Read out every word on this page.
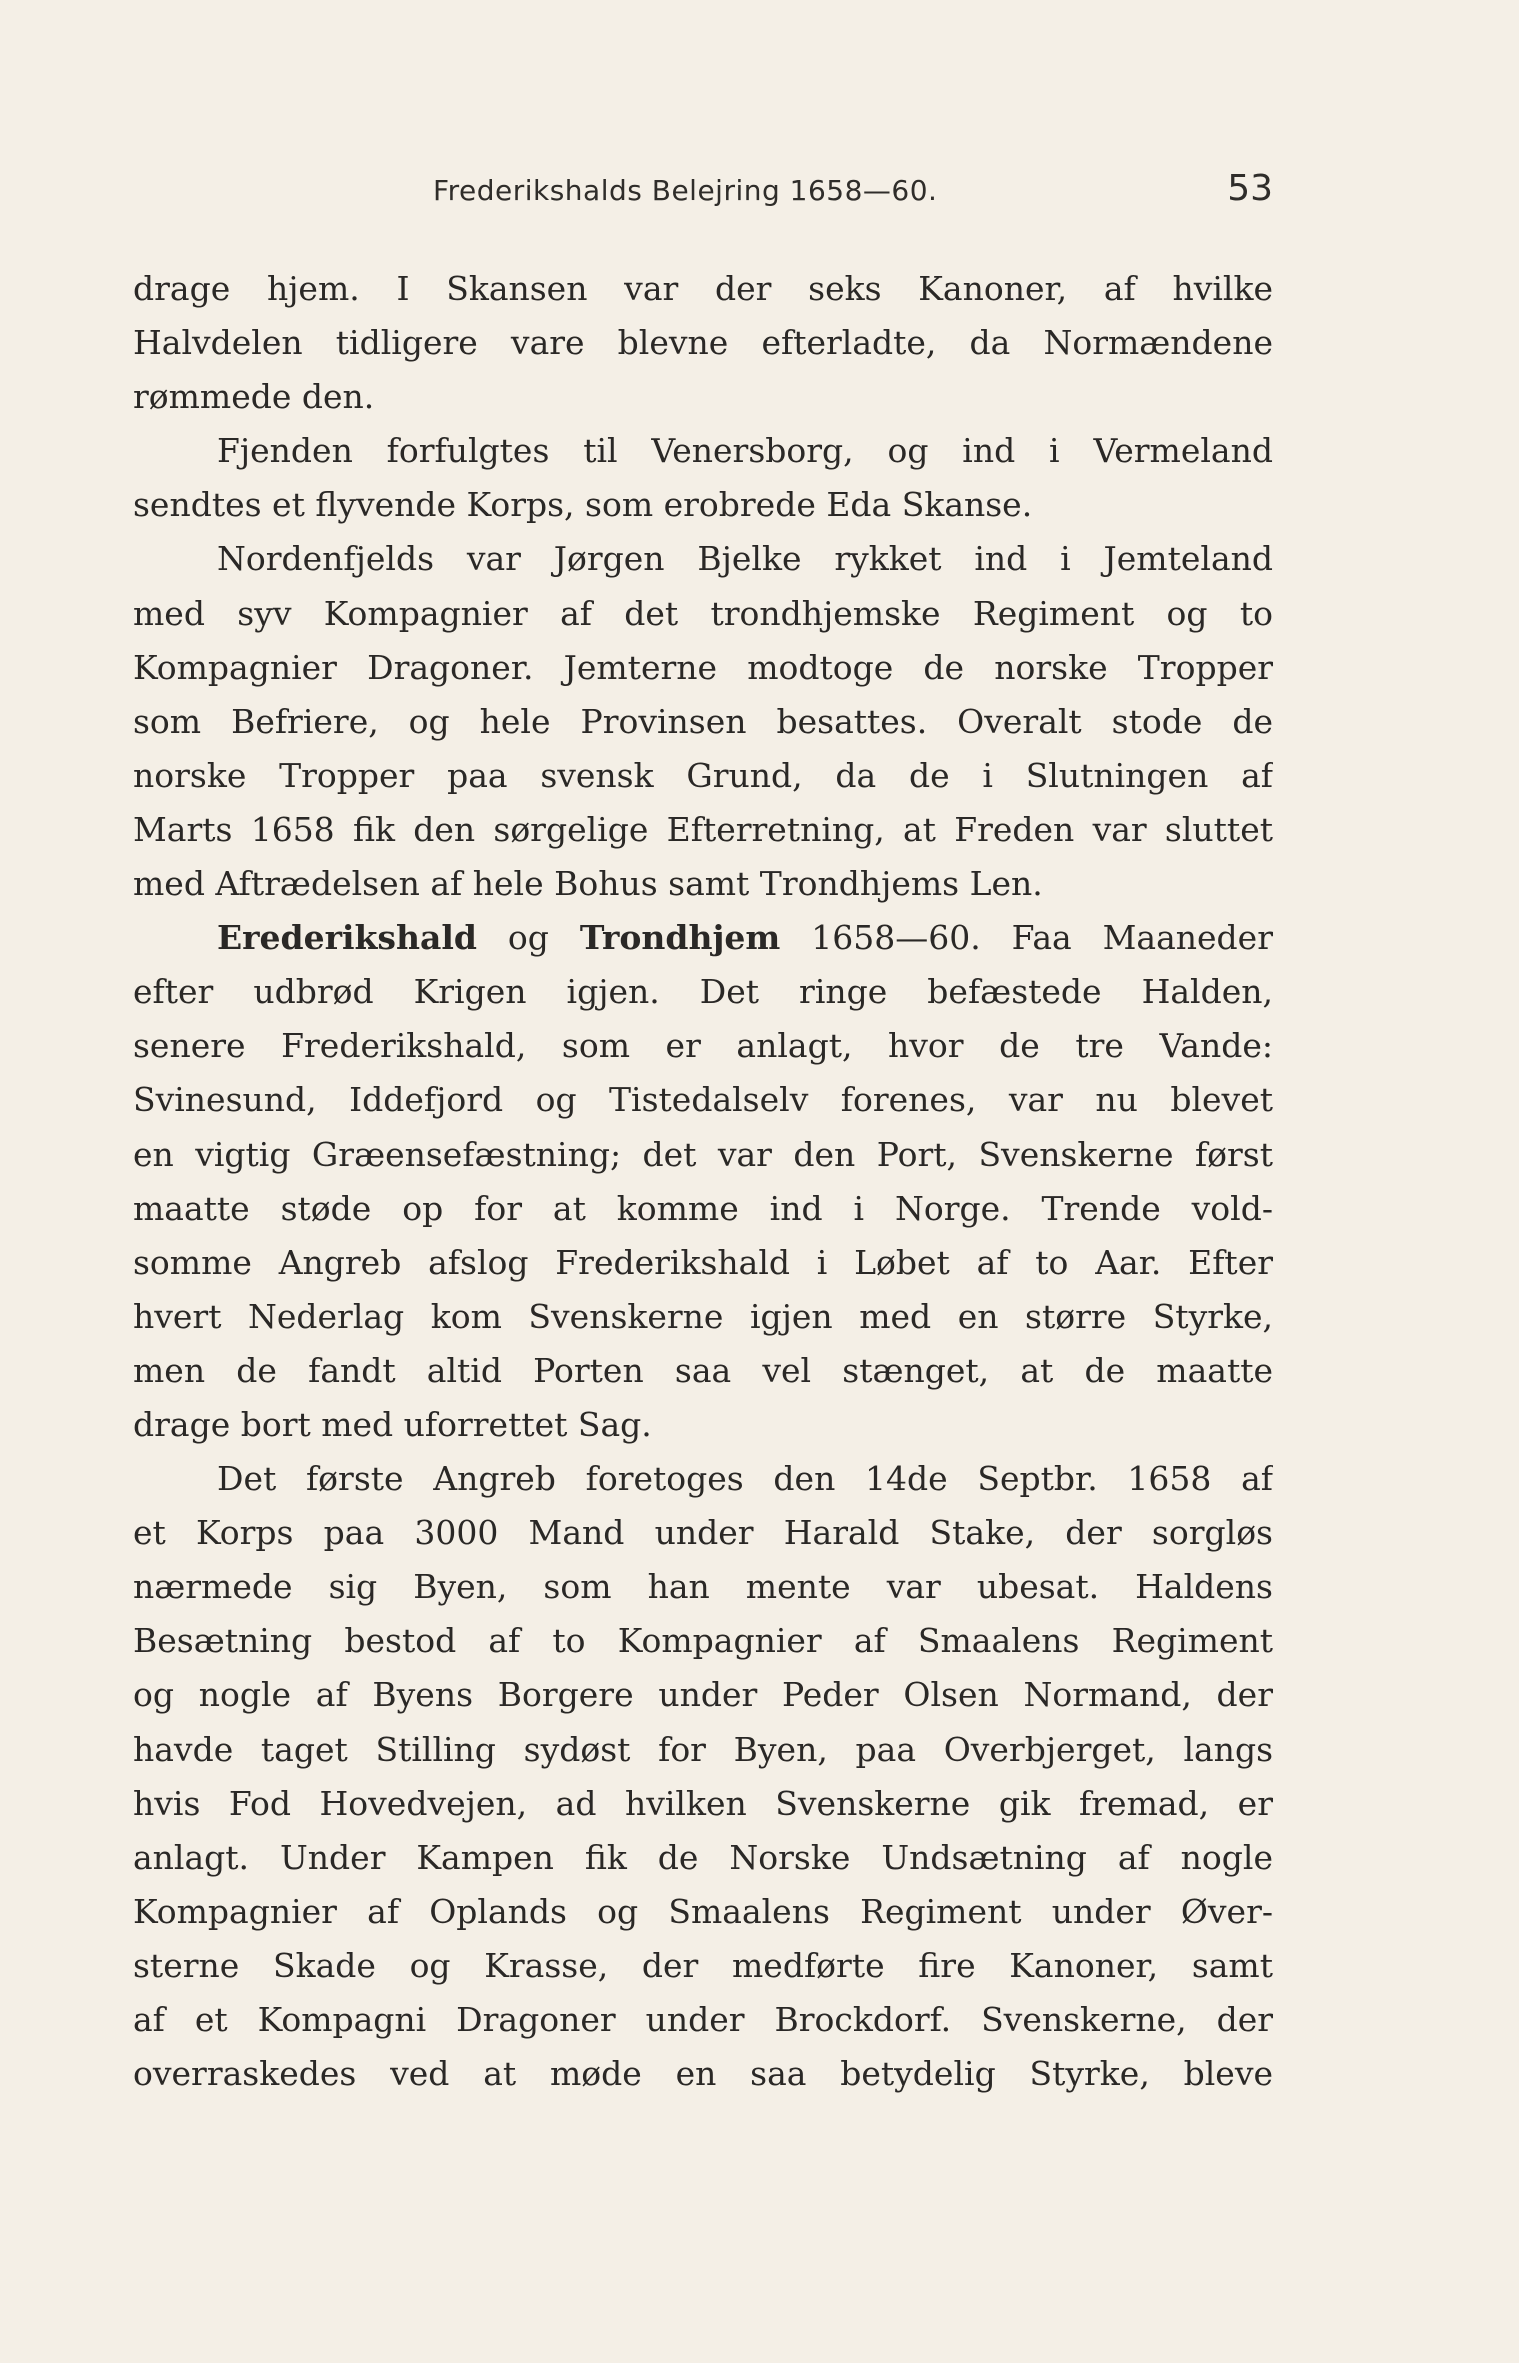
Frederikshalds Belejring 1658—60.	53
drage hjem. I Skansen var der seks Kanoner, af hvilke
Halvdelen tidligere vare blevne efterladte, da Normændene
rømmede den.
Fjenden forfulgtes til Venersborg, og ind i Vermeland
sendtes et flyvende Korps, som erobrede Eda Skanse.
Nordenfjelds var Jørgen Bjelke rykket ind i Jemteland
med syv Kompagnier af det trondhjemske Regiment og to
Kompagnier Dragoner. Jemterne modtoge de norske Tropper
som Befriere, og hele Provinsen besattes. Overalt stode de
norske Tropper paa svensk Grund, da de i Slutningen af
Marts 1658 fik den sørgelige Efterretning, at Freden var sluttet
med Aftrædelsen af hele Bohus samt Trondhjems Len.
Erederikshald og Trondhjem 1658—60. Faa Maaneder
efter udbrød Krigen igjen. Det ringe befæstede Halden,
senere Frederikshald, som er anlagt, hvor de tre Vande:
Svinesund, Iddefjord og Tistedalselv forenes, var nu blevet
en vigtig Græensefæstning; det var den Port, Svenskerne først
maatte støde op for at komme ind i Norge. Trende vold-
somme Angreb afslog Frederikshald i Løbet af to Aar. Efter
hvert Nederlag kom Svenskerne igjen med en større Styrke,
men de fandt altid Porten saa vel stænget, at de maatte
drage bort med uforrettet Sag.
Det første Angreb foretoges den 14de Septbr. 1658 af
et Korps paa 3000 Mand under Harald Stake, der sorgløs
nærmede sig Byen, som han mente var ubesat. Haldens
Besætning bestod af to Kompagnier af Smaalens Regiment
og nogle af Byens Borgere under Peder Olsen Normand, der
havde taget Stilling sydøst for Byen, paa Overbjerget, langs
hvis Fod Hovedvejen, ad hvilken Svenskerne gik fremad, er
anlagt. Under Kampen fik de Norske Undsætning af nogle
Kompagnier af Oplands og Smaalens Regiment under Øver-
sterne Skade og Krasse, der medførte fire Kanoner, samt
af et Kompagni Dragoner under Brockdorf. Svenskerne, der
overraskedes ved at møde en saa betydelig Styrke, bleve
